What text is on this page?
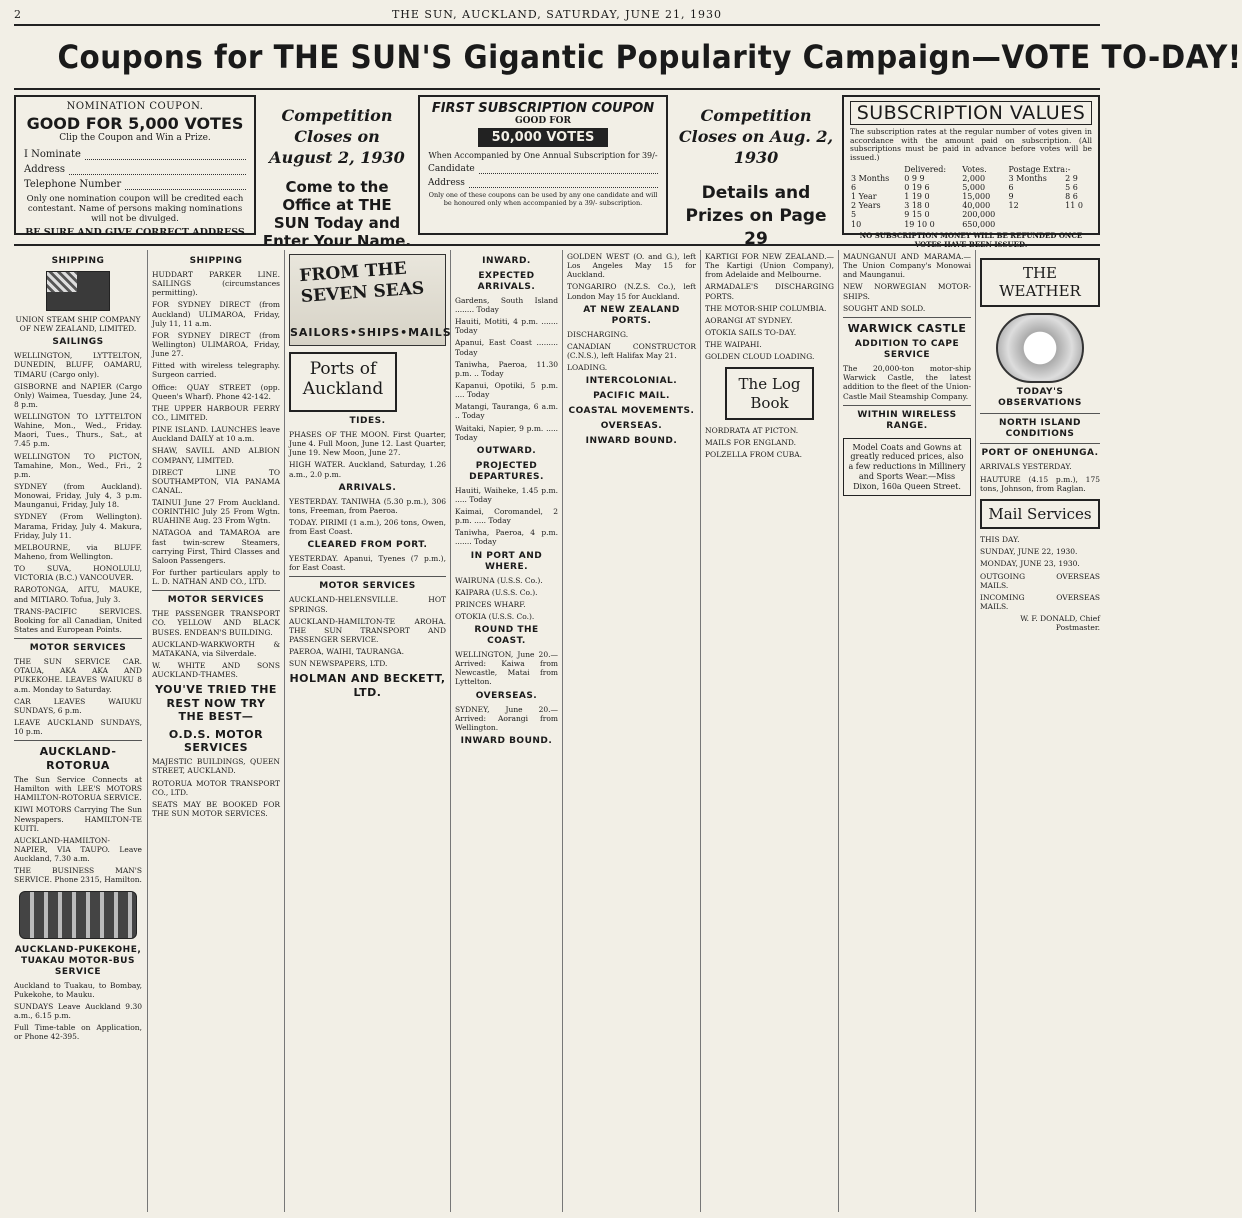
2	THE SUN, AUCKLAND, SATURDAY, JUNE 21, 1930
Coupons for THE SUN'S Gigantic Popularity Campaign—VOTE TO-DAY!
NOMINATION COUPON.
GOOD FOR 5,000 VOTES
Clip the Coupon and Win a Prize.
I Nominate
Address
Telephone Number
Only one nomination coupon will be credited each contestant. Name of persons making nominations will not be divulged.
BE SURE AND GIVE CORRECT ADDRESS
Competition Closes on August 2, 1930
Come to the Office at THE SUN Today and Enter Your Name.
FIRST SUBSCRIPTION COUPON
GOOD FOR
50,000 VOTES
When Accompanied by One Annual Subscription for 39/-
Candidate
Address
Only one of these coupons can be used by any one candidate and will be honoured only when accompanied by a 39/- subscription.
Competition Closes on Aug. 2, 1930
Details and Prizes on Page 29
SUBSCRIPTION VALUES
The subscription rates at the regular number of votes given in accordance with the amount paid on subscription. (All subscriptions must be paid in advance before votes will be issued.)
	Delivered:	Votes.	Postage Extra:-	
3 Months	0 9 9	2,000	3 Months	2 9
6	0 19 6	5,000	6	5 6
1 Year	1 19 0	15,000	9	8 6
2 Years	3 18 0	40,000	12	11 0
5	9 15 0	200,000		
10	19 10 0	650,000		
NO SUBSCRIPTION MONEY WILL BE REFUNDED ONCE VOTES HAVE BEEN ISSUED.
SHIPPING
UNION STEAM SHIP COMPANY OF NEW ZEALAND, LIMITED.
SAILINGS
WELLINGTON, LYTTELTON, DUNEDIN, BLUFF, OAMARU, TIMARU (Cargo only).
GISBORNE and NAPIER (Cargo Only) Waimea, Tuesday, June 24, 8 p.m.
WELLINGTON TO LYTTELTON Wahine, Mon., Wed., Friday. Maori, Tues., Thurs., Sat., at 7.45 p.m.
WELLINGTON TO PICTON, Tamahine, Mon., Wed., Fri., 2 p.m.
SYDNEY (from Auckland). Monowai, Friday, July 4, 3 p.m. Maunganui, Friday, July 18.
SYDNEY (From Wellington). Marama, Friday, July 4. Makura, Friday, July 11.
MELBOURNE, via BLUFF. Maheno, from Wellington.
TO SUVA, HONOLULU, VICTORIA (B.C.) VANCOUVER.
RAROTONGA, AITU, MAUKE, and MITIARO. Tofua, July 3.
TRANS-PACIFIC SERVICES. Booking for all Canadian, United States and European Points.
MOTOR SERVICES
THE SUN SERVICE CAR. OTAUA, AKA AKA AND PUKEKOHE. LEAVES WAIUKU 8 a.m. Monday to Saturday.
CAR LEAVES WAIUKU SUNDAYS, 6 p.m.
LEAVE AUCKLAND SUNDAYS, 10 p.m.
AUCKLAND-ROTORUA
The Sun Service Connects at Hamilton with LEE'S MOTORS HAMILTON-ROTORUA SERVICE.
KIWI MOTORS Carrying The Sun Newspapers. HAMILTON-TE KUITI.
AUCKLAND-HAMILTON-NAPIER, VIA TAUPO. Leave Auckland, 7.30 a.m.
THE BUSINESS MAN'S SERVICE. Phone 2315, Hamilton.
AUCKLAND-PUKEKOHE, TUAKAU MOTOR-BUS SERVICE
Auckland to Tuakau, to Bombay, Pukekohe, to Mauku.
SUNDAYS Leave Auckland 9.30 a.m., 6.15 p.m.
Full Time-table on Application, or Phone 42-395.
SHIPPING
HUDDART PARKER LINE. SAILINGS (circumstances permitting).
FOR SYDNEY DIRECT (from Auckland) ULIMAROA, Friday, July 11, 11 a.m.
FOR SYDNEY DIRECT (from Wellington) ULIMAROA, Friday, June 27.
Fitted with wireless telegraphy. Surgeon carried.
Office: QUAY STREET (opp. Queen's Wharf). Phone 42-142.
THE UPPER HARBOUR FERRY CO., LIMITED.
PINE ISLAND. LAUNCHES leave Auckland DAILY at 10 a.m.
SHAW, SAVILL AND ALBION COMPANY, LIMITED.
DIRECT LINE TO SOUTHAMPTON, VIA PANAMA CANAL.
TAINUI June 27 From Auckland. CORINTHIC July 25 From Wgtn. RUAHINE Aug. 23 From Wgtn.
NATAGOA and TAMAROA are fast twin-screw Steamers, carrying First, Third Classes and Saloon Passengers.
For further particulars apply to L. D. NATHAN AND CO., LTD.
MOTOR SERVICES
THE PASSENGER TRANSPORT CO. YELLOW AND BLACK BUSES. ENDEAN'S BUILDING.
AUCKLAND-WARKWORTH & MATAKANA, via Silverdale.
W. WHITE AND SONS AUCKLAND-THAMES.
YOU'VE TRIED THE REST NOW TRY THE BEST—
O.D.S. MOTOR SERVICES
MAJESTIC BUILDINGS, QUEEN STREET, AUCKLAND.
ROTORUA MOTOR TRANSPORT CO., LTD.
SEATS MAY BE BOOKED FOR THE SUN MOTOR SERVICES.
FROM THE SEVEN SEAS
SAILORS•SHIPS•MAILS
Ports of Auckland
TIDES.
PHASES OF THE MOON. First Quarter, June 4. Full Moon, June 12. Last Quarter, June 19. New Moon, June 27.
HIGH WATER. Auckland, Saturday, 1.26 a.m., 2.0 p.m.
ARRIVALS.
YESTERDAY. TANIWHA (5.30 p.m.), 306 tons, Freeman, from Paeroa.
TODAY. PIRIMI (1 a.m.), 206 tons, Owen, from East Coast.
CLEARED FROM PORT.
YESTERDAY. Apanui, Tyenes (7 p.m.), for East Coast.
MOTOR SERVICES
AUCKLAND-HELENSVILLE. HOT SPRINGS.
AUCKLAND-HAMILTON-TE AROHA. THE SUN TRANSPORT AND PASSENGER SERVICE.
PAEROA, WAIHI, TAURANGA.
SUN NEWSPAPERS, LTD.
HOLMAN AND BECKETT, LTD.
INWARD.
EXPECTED ARRIVALS.
Gardens, South Island ........ Today
Hauiti, Motiti, 4 p.m. ....... Today
Apanui, East Coast ......... Today
Taniwha, Paeroa, 11.30 p.m. .. Today
Kapanui, Opotiki, 5 p.m. .... Today
Matangi, Tauranga, 6 a.m. .. Today
Waitaki, Napier, 9 p.m. ..... Today
OUTWARD.
PROJECTED DEPARTURES.
Hauiti, Waiheke, 1.45 p.m. ..... Today
Kaimai, Coromandel, 2 p.m. ..... Today
Taniwha, Paeroa, 4 p.m. ....... Today
IN PORT AND WHERE.
WAIRUNA (U.S.S. Co.).
KAIPARA (U.S.S. Co.).
PRINCES WHARF.
OTOKIA (U.S.S. Co.).
ROUND THE COAST.
WELLINGTON, June 20.—Arrived: Kaiwa from Newcastle, Matai from Lyttelton.
OVERSEAS.
SYDNEY, June 20.—Arrived: Aorangi from Wellington.
INWARD BOUND.
GOLDEN WEST (O. and G.), left Los Angeles May 15 for Auckland.
TONGARIRO (N.Z.S. Co.), left London May 15 for Auckland.
AT NEW ZEALAND PORTS.
DISCHARGING.
CANADIAN CONSTRUCTOR (C.N.S.), left Halifax May 21.
LOADING.
INTERCOLONIAL.
PACIFIC MAIL.
COASTAL MOVEMENTS.
OVERSEAS.
INWARD BOUND.
KARTIGI FOR NEW ZEALAND.—The Kartigi (Union Company), from Adelaide and Melbourne.
ARMADALE'S DISCHARGING PORTS.
THE MOTOR-SHIP COLUMBIA.
AORANGI AT SYDNEY.
OTOKIA SAILS TO-DAY.
THE WAIPAHI.
GOLDEN CLOUD LOADING.
The Log Book
NORDRATA AT PICTON.
MAILS FOR ENGLAND.
POLZELLA FROM CUBA.
MAUNGANUI AND MARAMA.—The Union Company's Monowai and Maunganui.
NEW NORWEGIAN MOTOR-SHIPS.
SOUGHT AND SOLD.
WARWICK CASTLE
ADDITION TO CAPE SERVICE
The 20,000-ton motor-ship Warwick Castle, the latest addition to the fleet of the Union-Castle Mail Steamship Company.
WITHIN WIRELESS RANGE.
Model Coats and Gowns at greatly reduced prices, also a few reductions in Millinery and Sports Wear.—Miss Dixon, 160a Queen Street.
THE WEATHER
TODAY'S OBSERVATIONS
NORTH ISLAND CONDITIONS
PORT OF ONEHUNGA.
ARRIVALS YESTERDAY.
HAUTURE (4.15 p.m.), 175 tons, Johnson, from Raglan.
Mail Services
THIS DAY.
SUNDAY, JUNE 22, 1930.
MONDAY, JUNE 23, 1930.
OUTGOING OVERSEAS MAILS.
INCOMING OVERSEAS MAILS.
W. F. DONALD, Chief Postmaster.
